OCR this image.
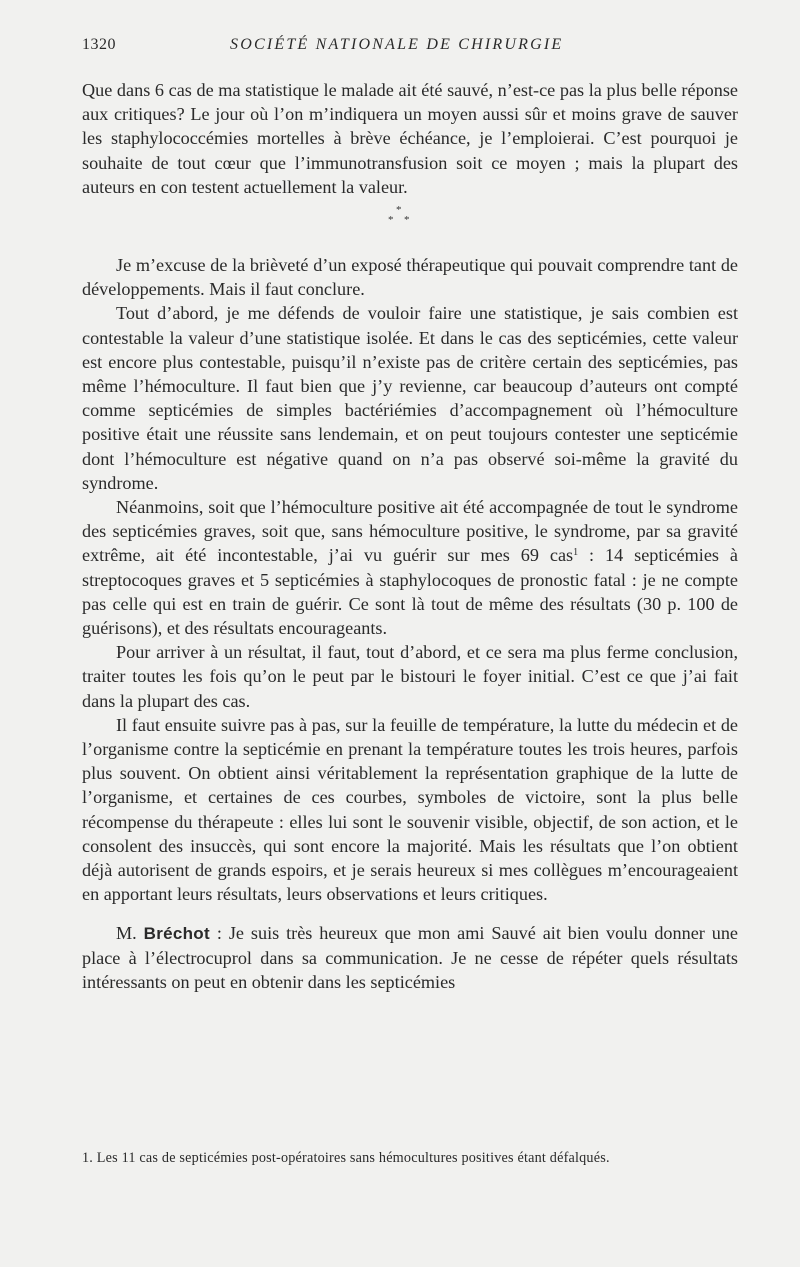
1320	SOCIÉTÉ NATIONALE DE CHIRURGIE

Que dans 6 cas de ma statistique le malade ait été sauvé, n’est-ce pas la plus belle réponse aux critiques? Le jour où l’on m’indiquera un moyen aussi sûr et moins grave de sauver les staphylococcémies mortelles à brève échéance, je l’emploierai. C’est pourquoi je souhaite de tout cœur que l’immunotransfusion soit ce moyen ; mais la plupart des auteurs en con testent actuellement la valeur.

*
* *

Je m’excuse de la brièveté d’un exposé thérapeutique qui pouvait comprendre tant de développements. Mais il faut conclure.

Tout d’abord, je me défends de vouloir faire une statistique, je sais combien est contestable la valeur d’une statistique isolée. Et dans le cas des septicémies, cette valeur est encore plus contestable, puisqu’il n’existe pas de critère certain des septicémies, pas même l’hémoculture. Il faut bien que j’y revienne, car beaucoup d’auteurs ont compté comme septicémies de simples bactériémies d’accompagnement où l’hémoculture positive était une réussite sans lendemain, et on peut toujours contester une septicémie dont l’hémoculture est négative quand on n’a pas observé soi-même la gravité du syndrome.

Néanmoins, soit que l’hémoculture positive ait été accompagnée de tout le syndrome des septicémies graves, soit que, sans hémoculture positive, le syndrome, par sa gravité extrême, ait été incontestable, j’ai vu guérir sur mes 69 cas$^1$ : 14 septicémies à streptocoques graves et 5 septicémies à staphylocoques de pronostic fatal : je ne compte pas celle qui est en train de guérir. Ce sont là tout de même des résultats (30 p. 100 de guérisons), et des résultats encourageants.

Pour arriver à un résultat, il faut, tout d’abord, et ce sera ma plus ferme conclusion, traiter toutes les fois qu’on le peut par le bistouri le foyer initial. C’est ce que j’ai fait dans la plupart des cas.

Il faut ensuite suivre pas à pas, sur la feuille de température, la lutte du médecin et de l’organisme contre la septicémie en prenant la température toutes les trois heures, parfois plus souvent. On obtient ainsi véritablement la représentation graphique de la lutte de l’organisme, et certaines de ces courbes, symboles de victoire, sont la plus belle récompense du thérapeute : elles lui sont le souvenir visible, objectif, de son action, et le consolent des insuccès, qui sont encore la majorité. Mais les résultats que l’on obtient déjà autorisent de grands espoirs, et je serais heureux si mes collègues m’encourageaient en apportant leurs résultats, leurs observations et leurs critiques.

M. Bréchot : Je suis très heureux que mon ami Sauvé ait bien voulu donner une place à l’électrocuprol dans sa communication. Je ne cesse de répéter quels résultats intéressants on peut en obtenir dans les septicémies

1. Les 11 cas de septicémies post-opératoires sans hémocultures positives étant défalqués.
